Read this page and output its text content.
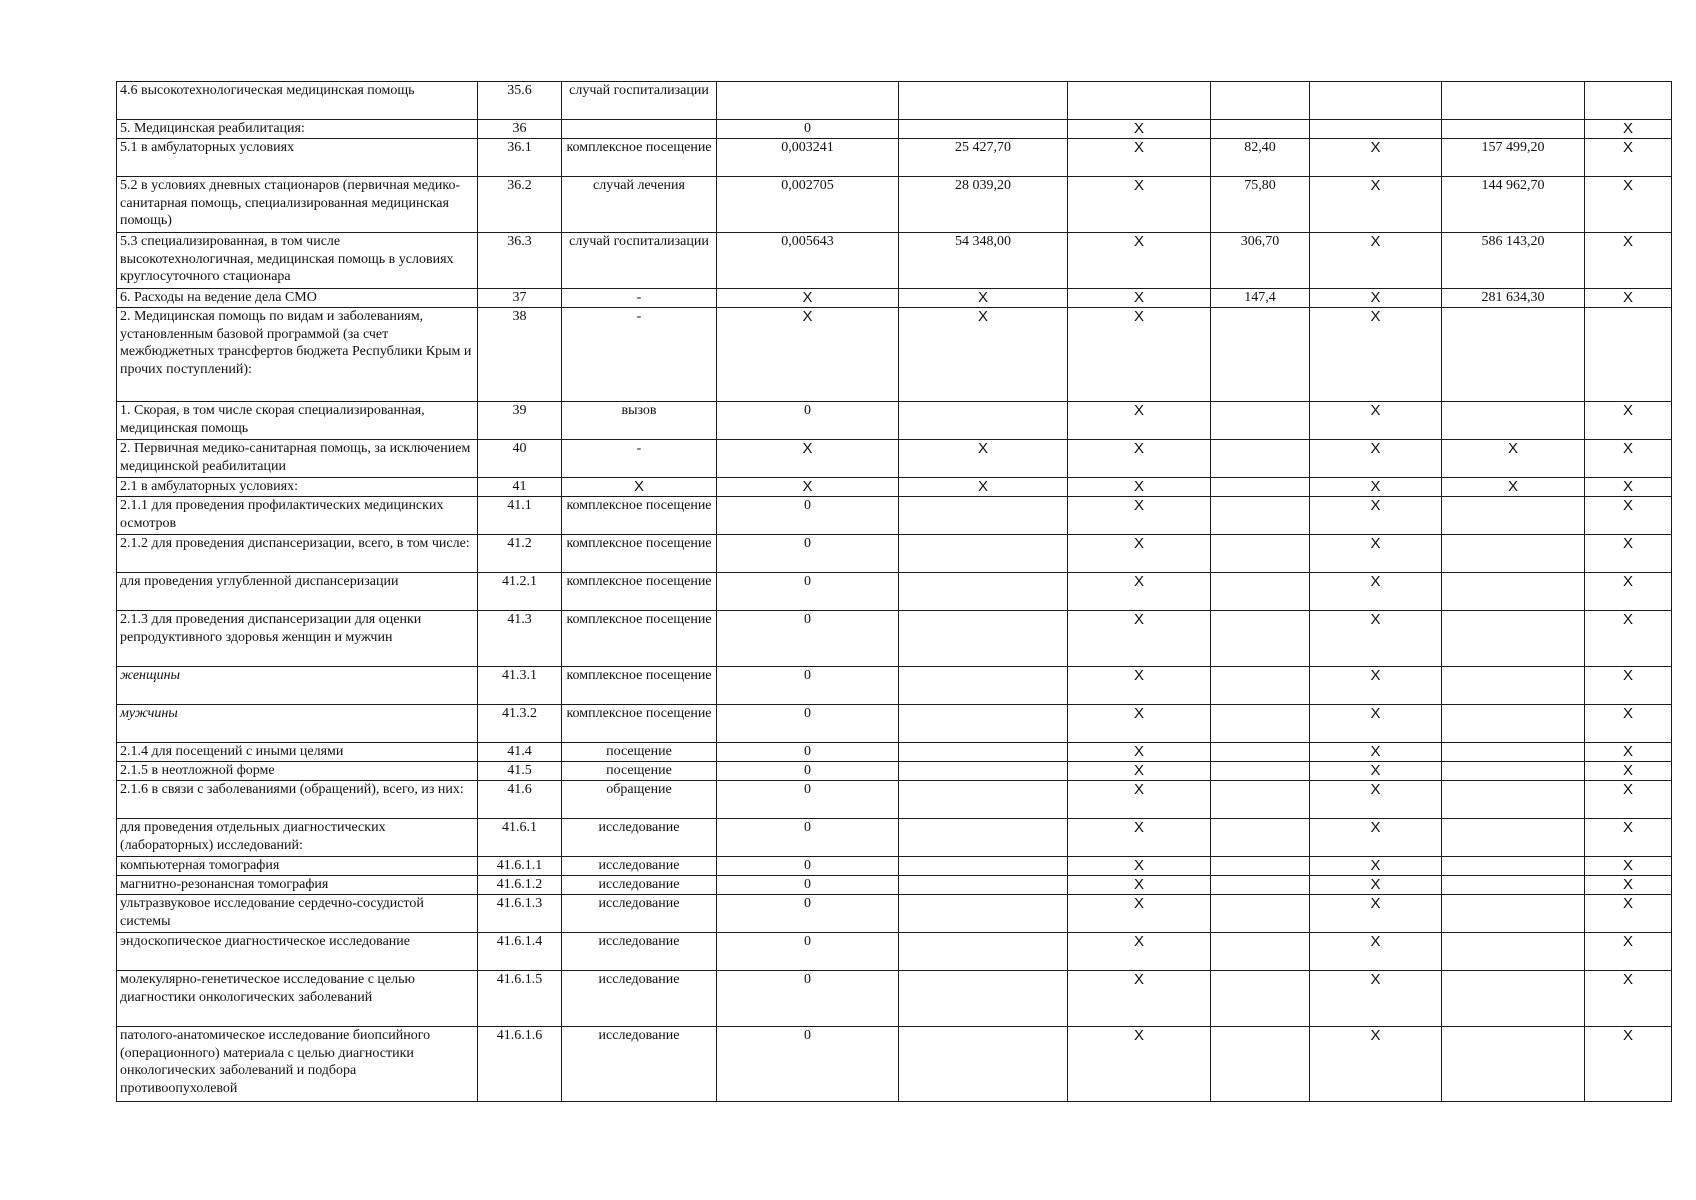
4.6 высокотехнологическая медицинская помощь	35.6	случай госпитализации							
5. Медицинская реабилитация:	36		0		X				X
5.1 в амбулаторных условиях	36.1	комплексное посещение	0,003241	25 427,70	X	82,40	X	157 499,20	X
5.2 в условиях дневных стационаров (первичная медико-санитарная помощь, специализированная медицинская помощь)	36.2	случай лечения	0,002705	28 039,20	X	75,80	X	144 962,70	X
5.3 специализированная, в том числе высокотехнологичная, медицинская помощь в условиях круглосуточного стационара	36.3	случай госпитализации	0,005643	54 348,00	X	306,70	X	586 143,20	X
6. Расходы на ведение дела СМО	37	-	X	X	X	147,4	X	281 634,30	X
2. Медицинская помощь по видам и заболеваниям, установленным базовой программой (за счет межбюджетных трансфертов бюджета Республики Крым и прочих поступлений):	38	-	X	X	X		X		
1. Скорая, в том числе скорая специализированная, медицинская помощь	39	вызов	0		X		X		X
2. Первичная медико-санитарная помощь, за исключением медицинской реабилитации	40	-	X	X	X		X	X	X
2.1 в амбулаторных условиях:	41	X	X	X	X		X	X	X
2.1.1 для проведения профилактических медицинских осмотров	41.1	комплексное посещение	0		X		X		X
2.1.2 для проведения диспансеризации, всего, в том числе:	41.2	комплексное посещение	0		X		X		X
для проведения углубленной диспансеризации	41.2.1	комплексное посещение	0		X		X		X
2.1.3 для проведения диспансеризации для оценки репродуктивного здоровья женщин и мужчин	41.3	комплексное посещение	0		X		X		X
женщины	41.3.1	комплексное посещение	0		X		X		X
мужчины	41.3.2	комплексное посещение	0		X		X		X
2.1.4 для посещений с иными целями	41.4	посещение	0		X		X		X
2.1.5 в неотложной форме	41.5	посещение	0		X		X		X
2.1.6 в связи с заболеваниями (обращений), всего, из них:	41.6	обращение	0		X		X		X
для проведения отдельных диагностических (лабораторных) исследований:	41.6.1	исследование	0		X		X		X
компьютерная томография	41.6.1.1	исследование	0		X		X		X
магнитно-резонансная томография	41.6.1.2	исследование	0		X		X		X
ультразвуковое исследование сердечно-сосудистой системы	41.6.1.3	исследование	0		X		X		X
эндоскопическое диагностическое исследование	41.6.1.4	исследование	0		X		X		X
молекулярно-генетическое исследование с целью диагностики онкологических заболеваний	41.6.1.5	исследование	0		X		X		X
патолого-анатомическое исследование биопсийного (операционного) материала с целью диагностики онкологических заболеваний и подбора противоопухолевой	41.6.1.6	исследование	0		X		X		X
